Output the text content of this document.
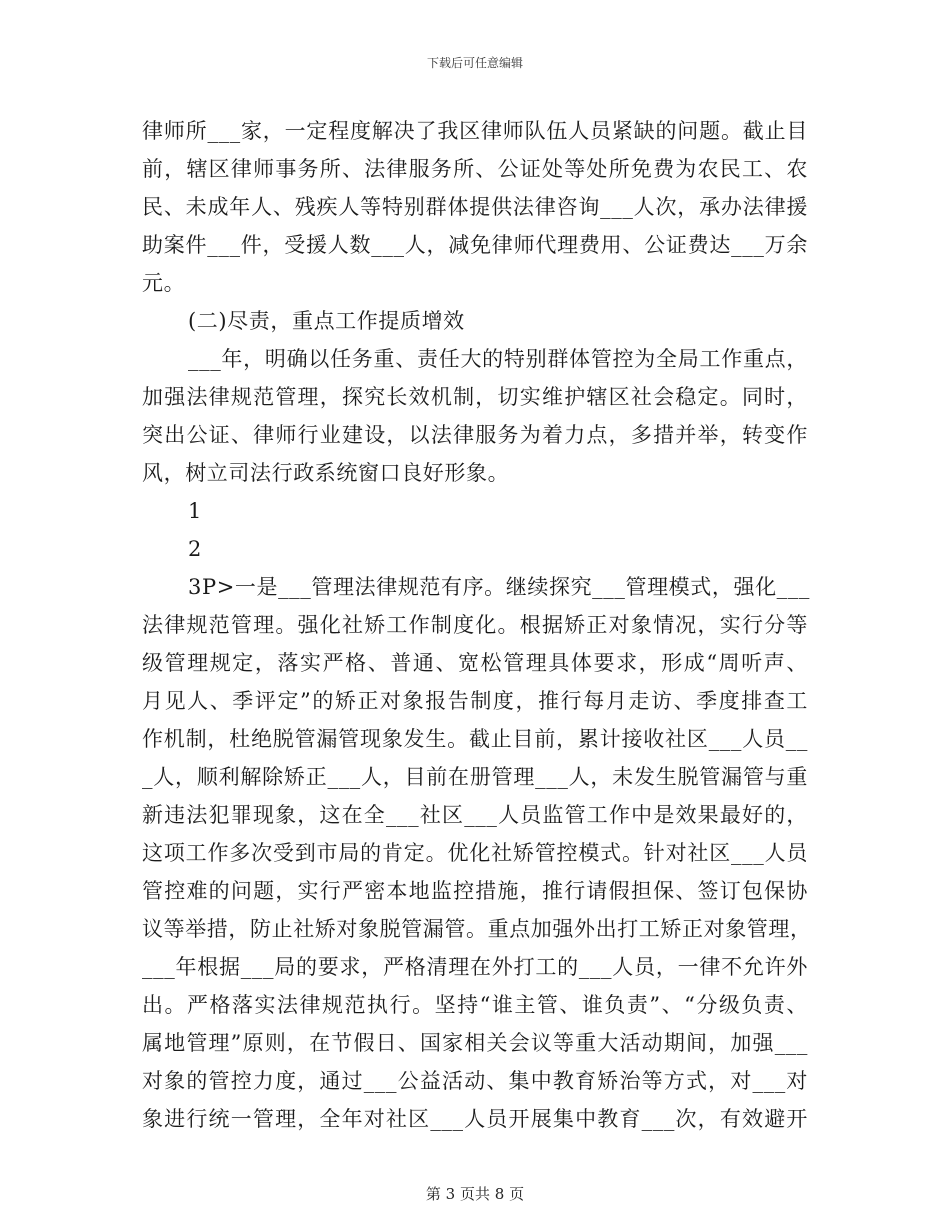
下载后可任意编辑
律师所___家，一定程度解决了我区律师队伍人员紧缺的问题。截止目
前，辖区律师事务所、法律服务所、公证处等处所免费为农民工、农
民、未成年人、残疾人等特别群体提供法律咨询___人次，承办法律援
助案件___件，受援人数___人，减免律师代理费用、公证费达___万余
元。
(二)尽责，重点工作提质增效
___年，明确以任务重、责任大的特别群体管控为全局工作重点，
加强法律规范管理，探究长效机制，切实维护辖区社会稳定。同时，
突出公证、律师行业建设，以法律服务为着力点，多措并举，转变作
风，树立司法行政系统窗口良好形象。
1
2
3P>一是___管理法律规范有序。继续探究___管理模式，强化___
法律规范管理。强化社矫工作制度化。根据矫正对象情况，实行分等
级管理规定，落实严格、普通、宽松管理具体要求，形成“周听声、
月见人、季评定”的矫正对象报告制度，推行每月走访、季度排查工
作机制，杜绝脱管漏管现象发生。截止目前，累计接收社区___人员__
_人，顺利解除矫正___人，目前在册管理___人，未发生脱管漏管与重
新违法犯罪现象，这在全___社区___人员监管工作中是效果最好的，
这项工作多次受到市局的肯定。优化社矫管控模式。针对社区___人员
管控难的问题，实行严密本地监控措施，推行请假担保、签订包保协
议等举措，防止社矫对象脱管漏管。重点加强外出打工矫正对象管理，
___年根据___局的要求，严格清理在外打工的___人员，一律不允许外
出。严格落实法律规范执行。坚持“谁主管、谁负责”、“分级负责、
属地管理”原则，在节假日、国家相关会议等重大活动期间，加强___
对象的管控力度，通过___公益活动、集中教育矫治等方式，对___对
象进行统一管理，全年对社区___人员开展集中教育___次，有效避开
第 3 页共 8 页
